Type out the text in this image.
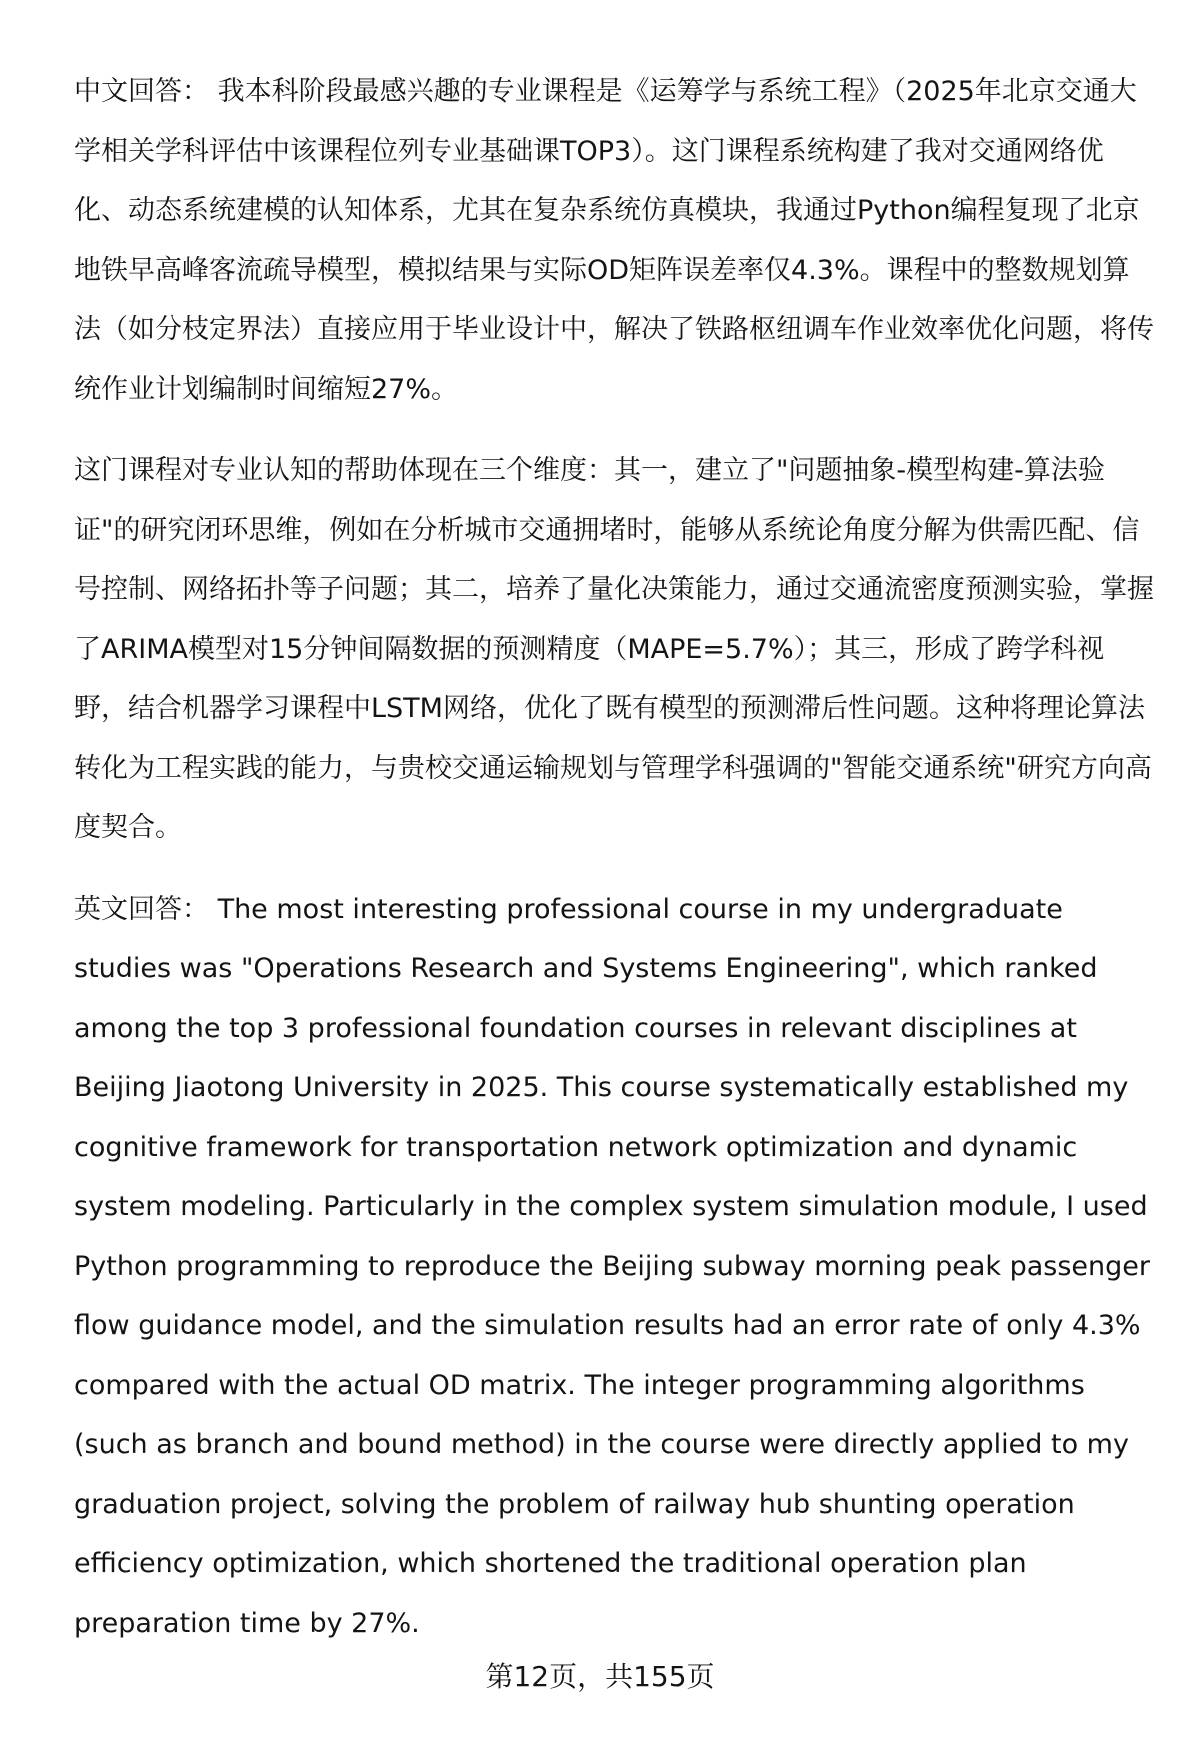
中文回答： 我本科阶段最感兴趣的专业课程是《运筹学与系统工程》（2025年北京交通大学相关学科评估中该课程位列专业基础课TOP3）。这门课程系统构建了我对交通网络优化、动态系统建模的认知体系，尤其在复杂系统仿真模块，我通过Python编程复现了北京地铁早高峰客流疏导模型，模拟结果与实际OD矩阵误差率仅4.3%。课程中的整数规划算法（如分枝定界法）直接应用于毕业设计中，解决了铁路枢纽调车作业效率优化问题，将传统作业计划编制时间缩短27%。

这门课程对专业认知的帮助体现在三个维度：其一，建立了"问题抽象-模型构建-算法验证"的研究闭环思维，例如在分析城市交通拥堵时，能够从系统论角度分解为供需匹配、信号控制、网络拓扑等子问题；其二，培养了量化决策能力，通过交通流密度预测实验，掌握了ARIMA模型对15分钟间隔数据的预测精度（MAPE=5.7%）；其三，形成了跨学科视野，结合机器学习课程中LSTM网络，优化了既有模型的预测滞后性问题。这种将理论算法转化为工程实践的能力，与贵校交通运输规划与管理学科强调的"智能交通系统"研究方向高度契合。

英文回答： The most interesting professional course in my undergraduate studies was "Operations Research and Systems Engineering", which ranked among the top 3 professional foundation courses in relevant disciplines at Beijing Jiaotong University in 2025. This course systematically established my cognitive framework for transportation network optimization and dynamic system modeling. Particularly in the complex system simulation module, I used Python programming to reproduce the Beijing subway morning peak passenger flow guidance model, and the simulation results had an error rate of only 4.3% compared with the actual OD matrix. The integer programming algorithms (such as branch and bound method) in the course were directly applied to my graduation project, solving the problem of railway hub shunting operation efficiency optimization, which shortened the traditional operation plan preparation time by 27%.

第12页，共155页
